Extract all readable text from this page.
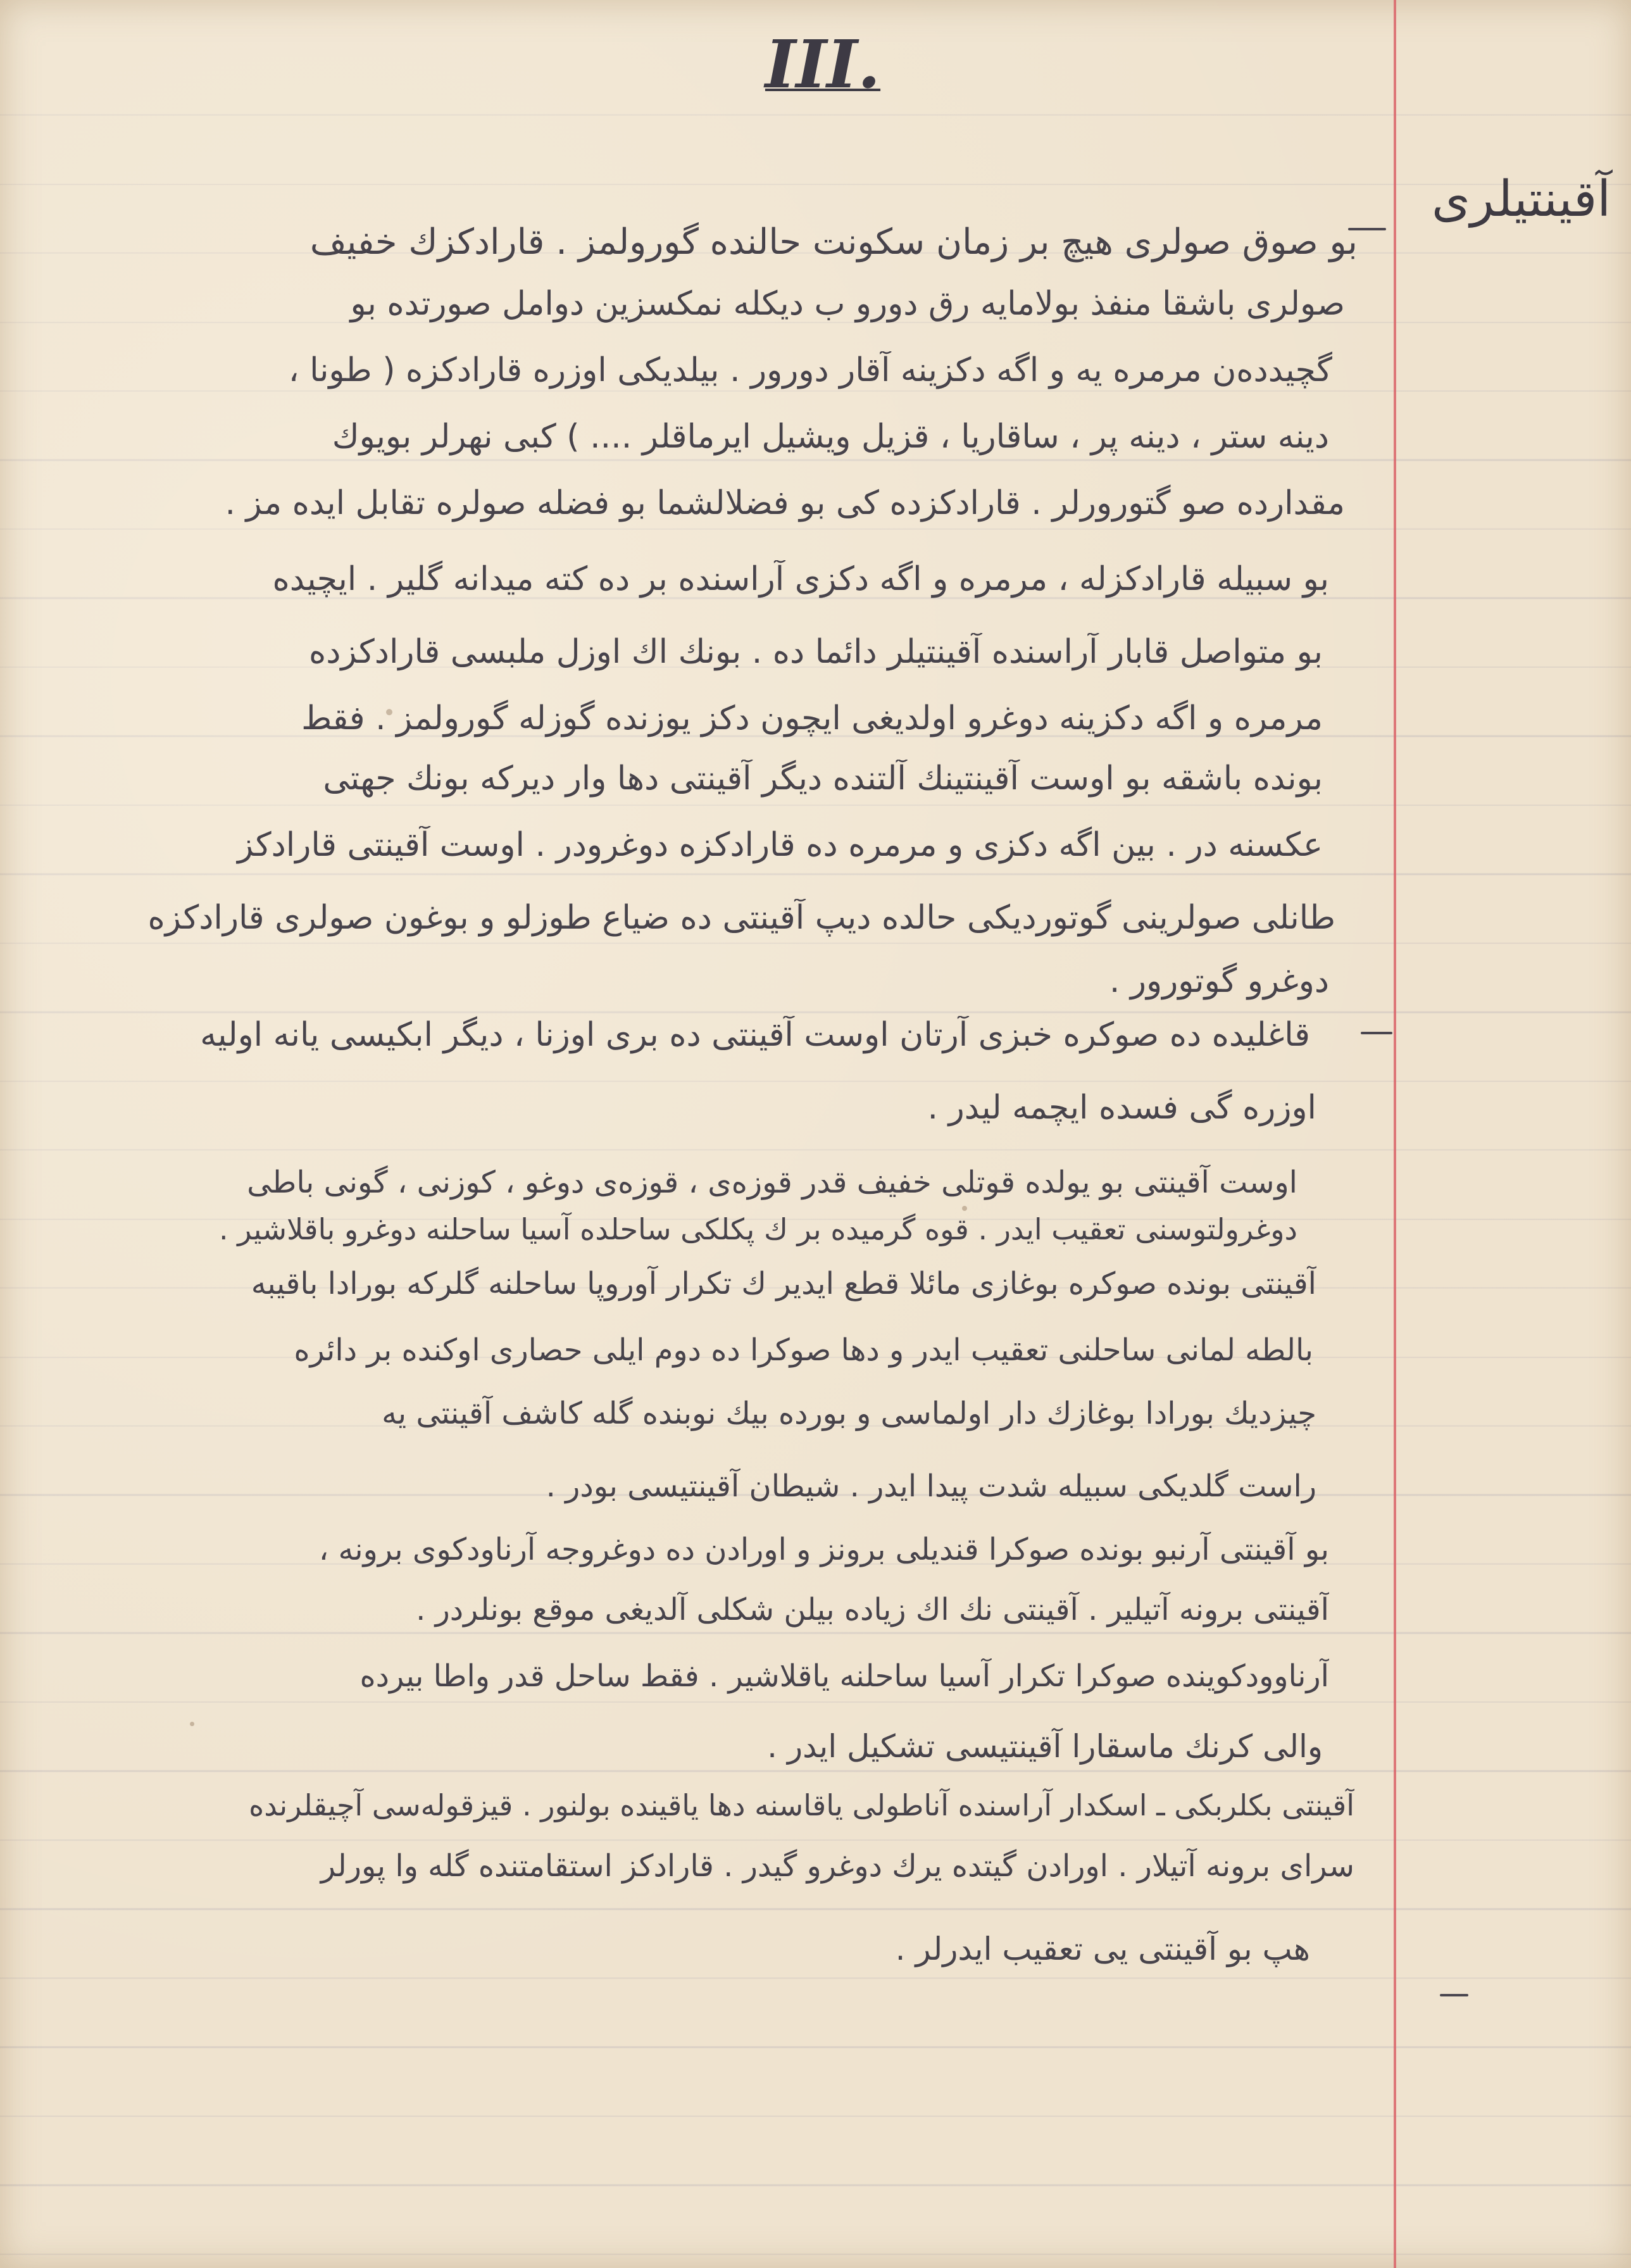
III.
آقینتیلری
بو صوق صولری هیچ بر زمان سکونت حالنده گورولمز . قارادکزك خفیف
صولری باشقا منفذ بولامایه رق دورو ب دیکله نمکسزین دوامل صورتده بو
گچیدده‌ن مرمره یه و اگه‌ دکزینه آقار دورور . بیلدیکی اوزره قارادکزه ( طونا ،
دینه ستر ، دینه پر ، ساقاریا ، قزیل ویشیل ایرماقلر .... ) کبی نهرلر بویوك
مقدارده صو گتورورلر . قارادکزده کی بو فضلالشما بو فضله صولره تقابل ایده‌ مز .
بو سبیله قارادکزله ، مرمره و اگه‌ دکزی آراسنده بر ده کته میدانه گلیر . ایچیده
بو متواصل قابار آراسنده آقینتیلر دائما ده . بونك اك اوزل ملبسی قارادکزده
مرمره و اگه‌ دکزینه دوغرو اولدیغی ایچون دکز یوزنده گوزله گورولمز . فقط
بونده باشقه بو اوست آقینتینك آلتنده دیگر آقینتی دها وار دیرکه بونك جهتی
عکسنه در . بین اگه دکزی و مرمره ده قارادکزه دوغرودر . اوست آقینتی قارادکز
طانلی صولرینی گوتوردیکی حالده دیپ آقینتی ده ضیاع طوزلو و بوغون صولری قارادکزه
دوغرو گوتورور .
قاغلیده ده صوکره خبزی آرتان اوست آقینتی ده بری اوزنا ، دیگر ابکیسی یانه اولیه
اوزره گی فسده ایچمه لیدر .
اوست آقینتی بو یولده قوتلی خفیف قدر قوزه‌ی ، قوزه‌ی دوغو ، کوزنی ، گونی باطی
دوغرولتوسنی تعقیب ایدر . قوه گرمیده بر ك پکلکی ساحلده آسیا ساحلنه دوغرو باقلاشیر .
آقینتی بونده صوکره بوغازی مائلا قطع ایدیر ك تکرار آوروپا ساحلنه گلرکه بورادا باقیبه
بالطه لمانی ساحلنی تعقیب ایدر و دها صوکرا ده دوم ایلی حصاری اوکنده بر دائره
چیزدیك بورادا بوغازك دار اولماسی و بورده بیك نوبنده گله‌ کاشف آقینتی یه
راست گلدیکی سبیله شدت پیدا ایدر . شیطان آقینتیسی بودر .
بو آقینتی آرنبو بونده صوکرا قندیلی برونز و اورادن ده دوغروجه آرناودکوی برونه ،
آقینتی برونه آتیلیر . آقینتی نك اك زیاده بیلن شکلی آلدیغی موقع بونلردر .
آرناوودکوینده صوکرا تکرار آسیا ساحلنه یاقلاشیر . فقط ساحل قدر واطا بیرده
والی کرنك ماسقارا آقینتیسی تشکیل ایدر .
آقینتی بکلربکی ـ اسکدار آراسنده آناطولی یاقاسنه دها یاقینده بولنور . قیزقوله‌سی آچیقلرنده
سرای برونه آتیلار . اورادن گیتده یرك دوغرو گیدر . قارادکز استقامتنده گله‌ وا پورلر
هپ بو آقینتی یی تعقیب ایدرلر .
